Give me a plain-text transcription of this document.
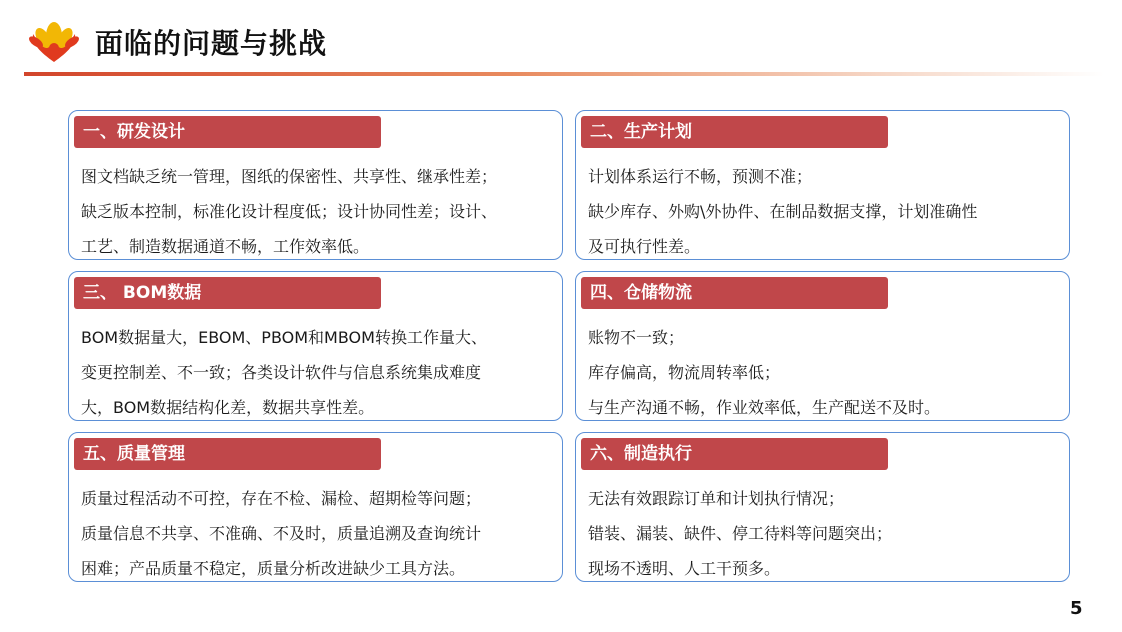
面临的问题与挑战
一、研发设计
图文档缺乏统一管理，图纸的保密性、共享性、继承性差；
缺乏版本控制，标准化设计程度低；设计协同性差；设计、
工艺、制造数据通道不畅，工作效率低。
二、生产计划
计划体系运行不畅，预测不准；
缺少库存、外购\外协件、在制品数据支撑，计划准确性
及可执行性差。
三、 BOM数据
BOM数据量大，EBOM、PBOM和MBOM转换工作量大、
变更控制差、不一致；各类设计软件与信息系统集成难度
大，BOM数据结构化差，数据共享性差。
四、仓储物流
账物不一致；
库存偏高，物流周转率低；
与生产沟通不畅，作业效率低，生产配送不及时。
五、质量管理
质量过程活动不可控，存在不检、漏检、超期检等问题；
质量信息不共享、不准确、不及时，质量追溯及查询统计
困难；产品质量不稳定，质量分析改进缺少工具方法。
六、制造执行
无法有效跟踪订单和计划执行情况；
错装、漏装、缺件、停工待料等问题突出；
现场不透明、人工干预多。
5
